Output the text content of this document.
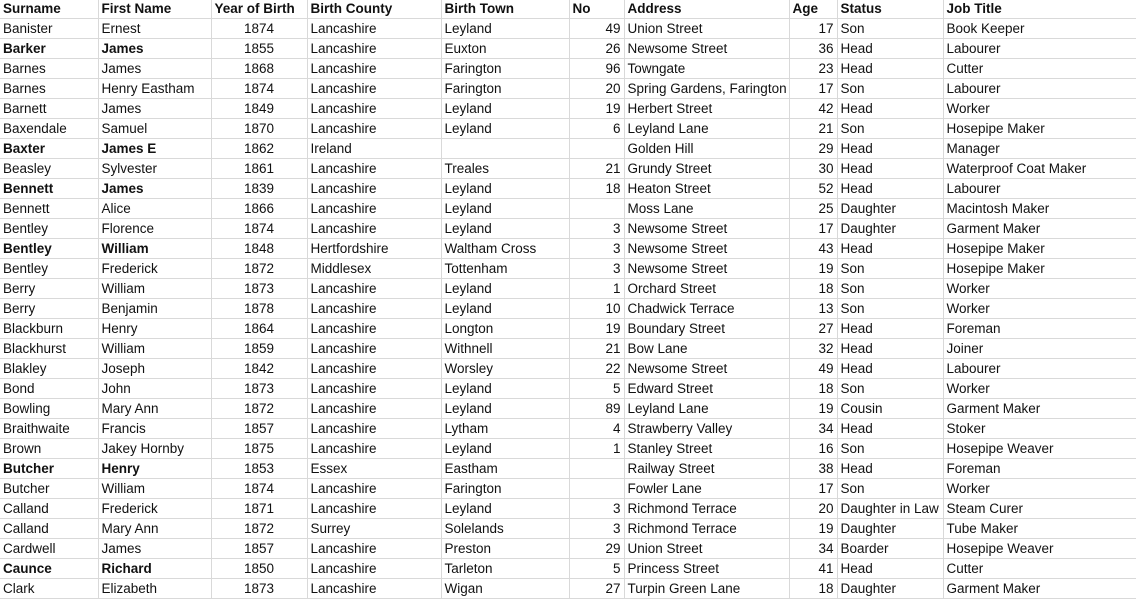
Surname	First Name	Year of Birth	Birth County	Birth Town	No	Address	Age	Status	Job Title
Banister	Ernest	1874	Lancashire	Leyland	49	Union Street	17	Son	Book Keeper
Barker	James	1855	Lancashire	Euxton	26	Newsome Street	36	Head	Labourer
Barnes	James	1868	Lancashire	Farington	96	Towngate	23	Head	Cutter
Barnes	Henry Eastham	1874	Lancashire	Farington	20	Spring Gardens, Farington	17	Son	Labourer
Barnett	James	1849	Lancashire	Leyland	19	Herbert Street	42	Head	Worker
Baxendale	Samuel	1870	Lancashire	Leyland	6	Leyland Lane	21	Son	Hosepipe Maker
Baxter	James E	1862	Ireland			Golden Hill	29	Head	Manager
Beasley	Sylvester	1861	Lancashire	Treales	21	Grundy Street	30	Head	Waterproof Coat Maker
Bennett	James	1839	Lancashire	Leyland	18	Heaton Street	52	Head	Labourer
Bennett	Alice	1866	Lancashire	Leyland		Moss Lane	25	Daughter	Macintosh Maker
Bentley	Florence	1874	Lancashire	Leyland	3	Newsome Street	17	Daughter	Garment Maker
Bentley	William	1848	Hertfordshire	Waltham Cross	3	Newsome Street	43	Head	Hosepipe Maker
Bentley	Frederick	1872	Middlesex	Tottenham	3	Newsome Street	19	Son	Hosepipe Maker
Berry	William	1873	Lancashire	Leyland	1	Orchard Street	18	Son	Worker
Berry	Benjamin	1878	Lancashire	Leyland	10	Chadwick Terrace	13	Son	Worker
Blackburn	Henry	1864	Lancashire	Longton	19	Boundary Street	27	Head	Foreman
Blackhurst	William	1859	Lancashire	Withnell	21	Bow Lane	32	Head	Joiner
Blakley	Joseph	1842	Lancashire	Worsley	22	Newsome Street	49	Head	Labourer
Bond	John	1873	Lancashire	Leyland	5	Edward Street	18	Son	Worker
Bowling	Mary Ann	1872	Lancashire	Leyland	89	Leyland Lane	19	Cousin	Garment Maker
Braithwaite	Francis	1857	Lancashire	Lytham	4	Strawberry Valley	34	Head	Stoker
Brown	Jakey Hornby	1875	Lancashire	Leyland	1	Stanley Street	16	Son	Hosepipe Weaver
Butcher	Henry	1853	Essex	Eastham		Railway Street	38	Head	Foreman
Butcher	William	1874	Lancashire	Farington		Fowler Lane	17	Son	Worker
Calland	Frederick	1871	Lancashire	Leyland	3	Richmond Terrace	20	Daughter in Law	Steam Curer
Calland	Mary Ann	1872	Surrey	Solelands	3	Richmond Terrace	19	Daughter	Tube Maker
Cardwell	James	1857	Lancashire	Preston	29	Union Street	34	Boarder	Hosepipe Weaver
Caunce	Richard	1850	Lancashire	Tarleton	5	Princess Street	41	Head	Cutter
Clark	Elizabeth	1873	Lancashire	Wigan	27	Turpin Green Lane	18	Daughter	Garment Maker
